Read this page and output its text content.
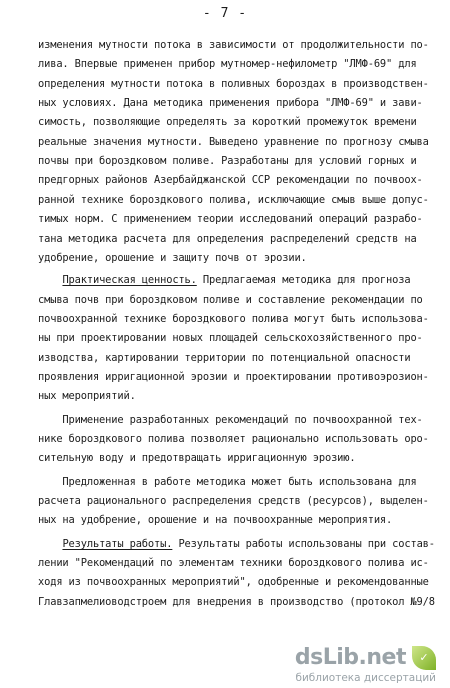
- 7 -
изменения мутности потока в зависимости от продолжительности по-
лива. Впервые применен прибор мутномер-нефилометр "ЛМФ-69" для
определения мутности потока в поливных бороздах в производствен-
ных условиях. Дана методика применения прибора "ЛМФ-69" и зави-
симость, позволяющие определять за короткий промежуток времени
реальные значения мутности. Выведено уравнение по прогнозу смыва
почвы при бороздковом поливе. Разработаны для условий горных и
предгорных районов Азербайджанской ССР рекомендации по почвоох-
ранной технике бороздкового полива, исключающие смыв выше допус-
тимых норм. С применением теории исследований операций разрабо-
тана методика расчета для определения распределений средств на
удобрение, орошение и защиту почв от эрозии.
Практическая ценность. Предлагаемая методика для прогноза
смыва почв при бороздковом поливе и составление рекомендации по
почвоохранной технике бороздкового полива могут быть использова-
ны при проектировании новых площадей сельскохозяйственного про-
изводства, картировании территории по потенциальной опасности
проявления ирригационной эрозии и проектировании противоэрозион-
ных мероприятий.
Применение разработанных рекомендаций по почвоохранной тех-
нике бороздкового полива позволяет рационально использовать оро-
сительную воду и предотвращать ирригационную эрозию.
Предложенная в работе методика может быть использована для
расчета рационального распределения средств (ресурсов), выделен-
ных на удобрение, орошение и на почвоохранные мероприятия.
Результаты работы. Результаты работы использованы при состав-
лении "Рекомендаций по элементам техники бороздкового полива ис-
ходя из почвоохранных мероприятий", одобренные и рекомендованные
Главзапмелиоводстроем для внедрения в производство (протокол №9/8
dsLib.net	✓
библиотека диссертаций
